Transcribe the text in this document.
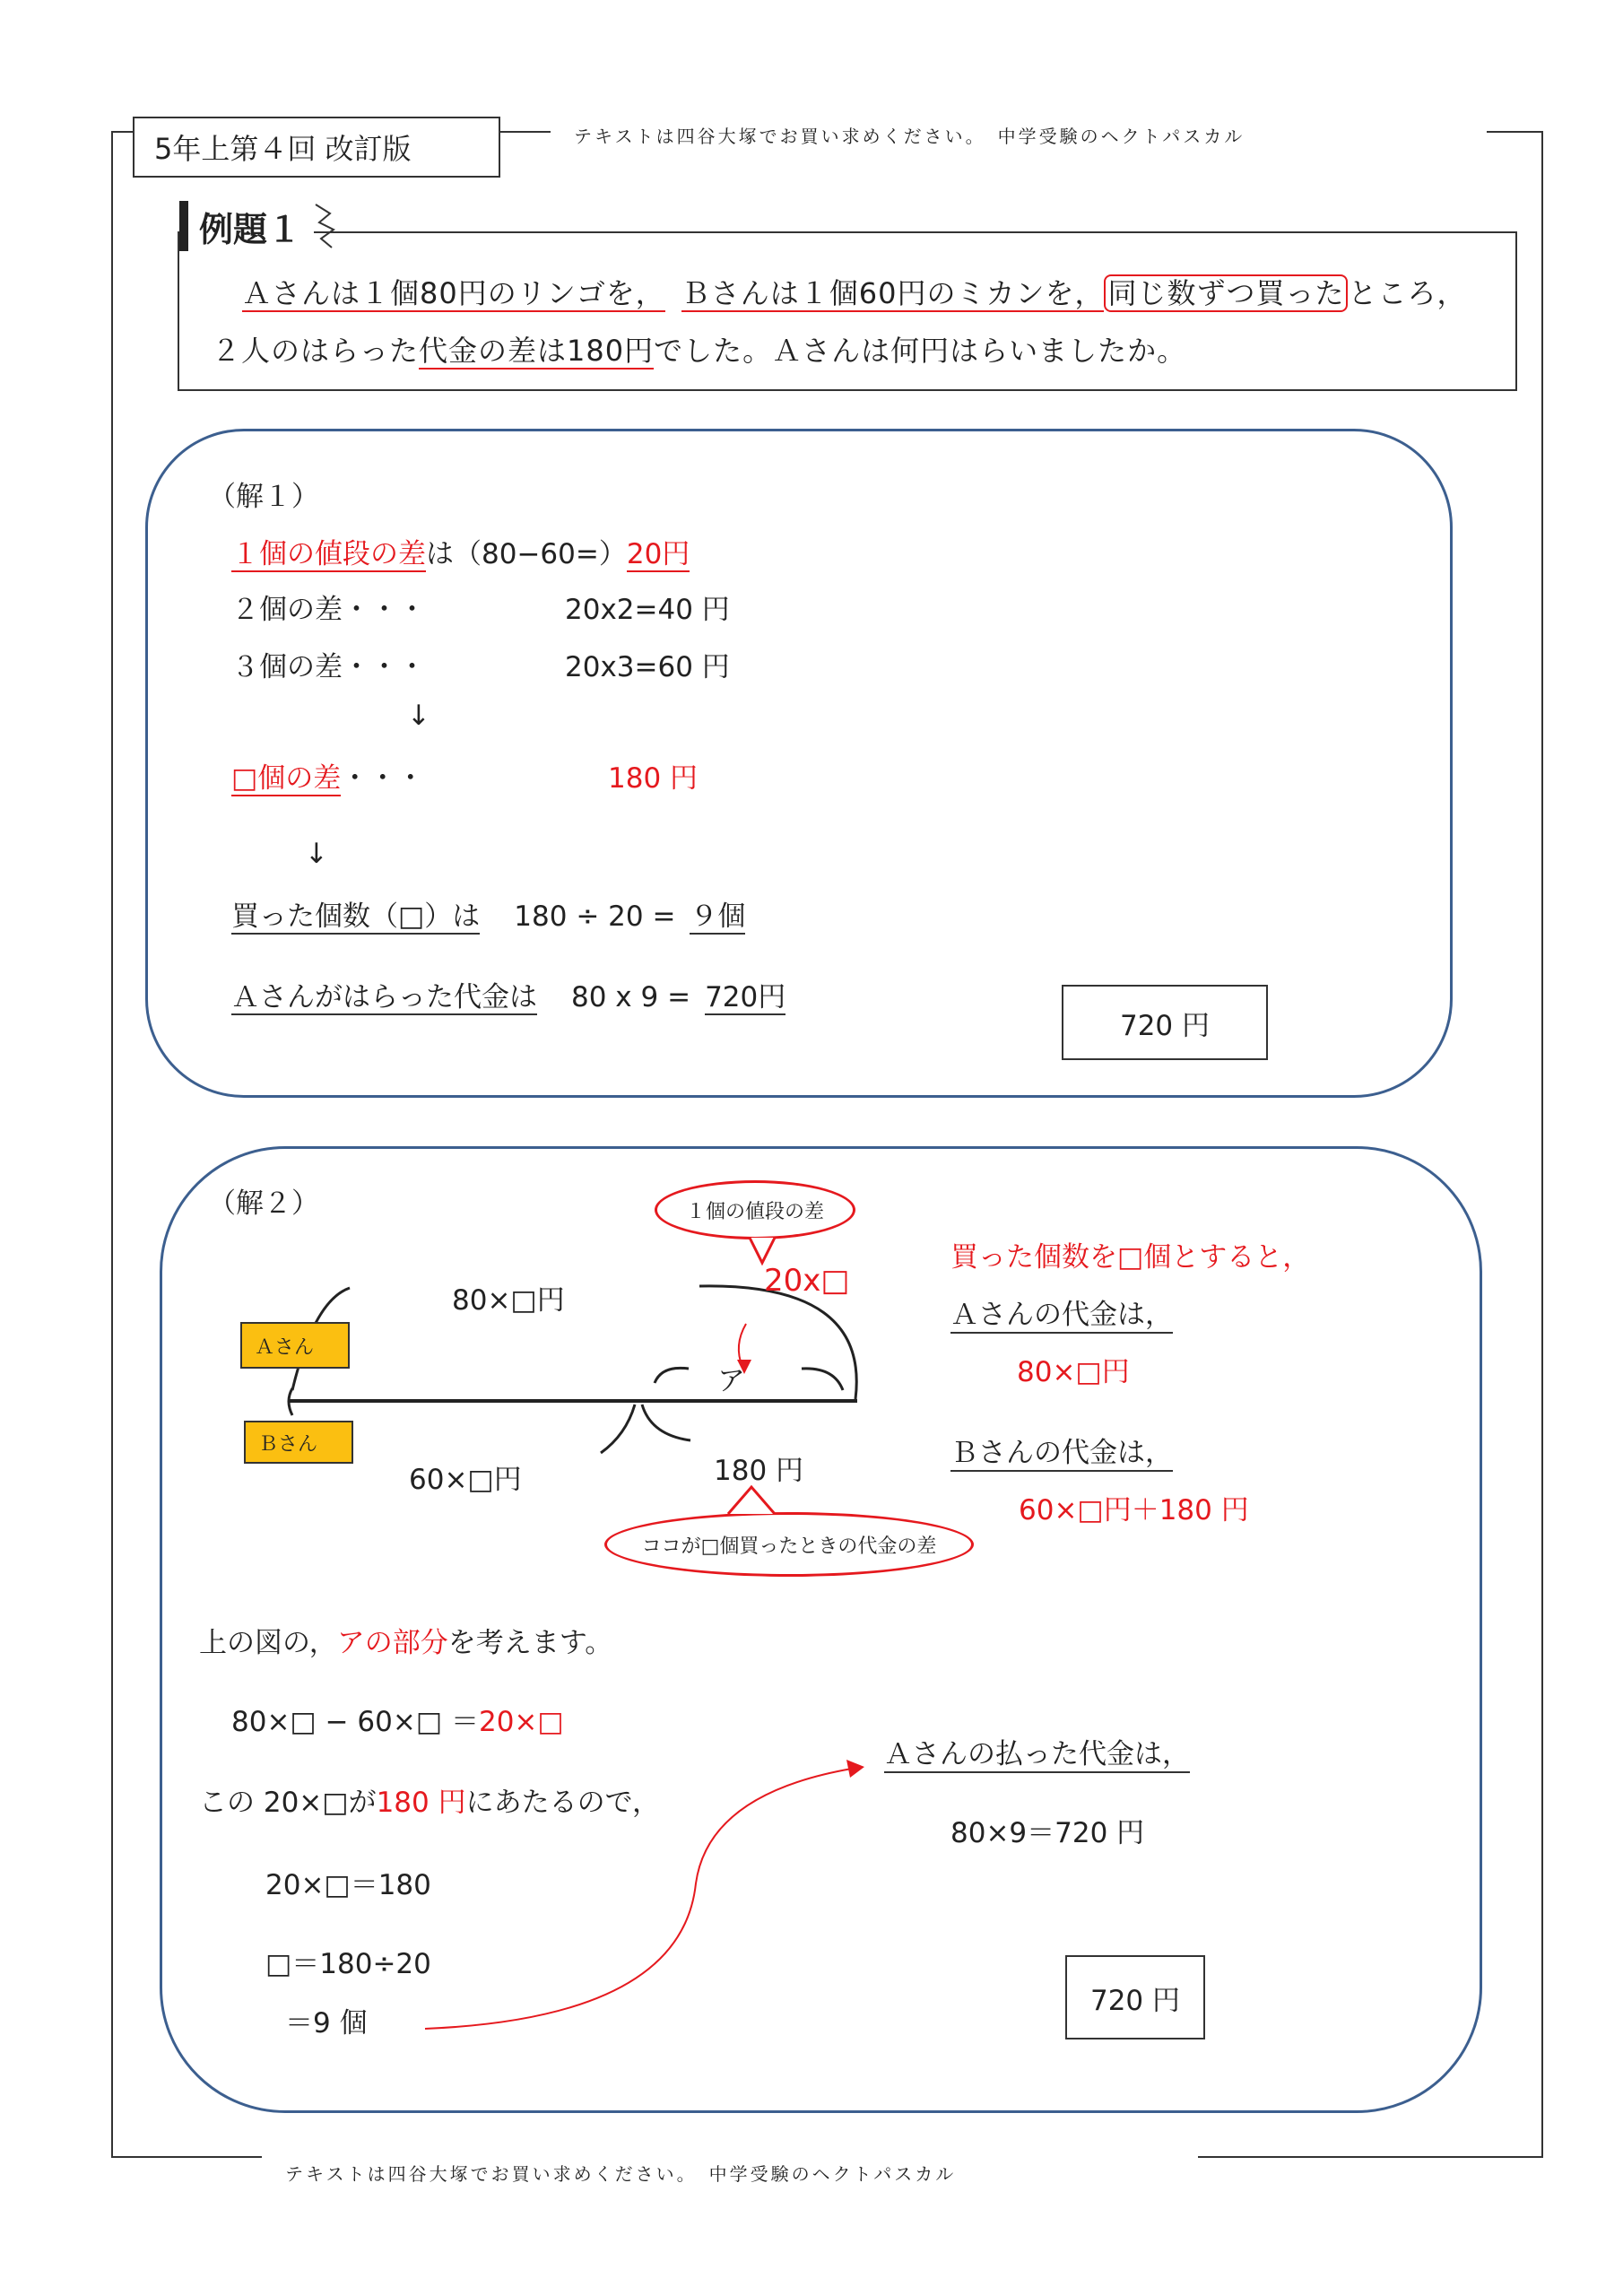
5年上第４回 改訂版	テキストは四谷大塚でお買い求めください。　中学受験のヘクトパスカル
例題１
Ａさんは１個80円のリンゴを， Ｂさんは１個60円のミカンを， 同じ数ずつ買った ところ，
２人のはらった代金の差は180円でした。Ａさんは何円はらいましたか。
（解１）
１個の値段の差は（80−60=）20円
２個の差・・・	20x2=40 円
３個の差・・・	20x3=60 円
↓
□個の差・・・	180 円
↓
買った個数（□）は 180 ÷ 20 = ９個
Ａさんがはらった代金は 80 x 9 = 720円
720 円
（解２）
Ａさん
Ｂさん
80×□円
60×□円	180 円
ア
１個の値段の差
20x□
ココが□個買ったときの代金の差
買った個数を□個とすると，
Ａさんの代金は，
80×□円
Ｂさんの代金は，
60×□円＋180 円
上の図の，アの部分を考えます。
80×□ − 60×□ ＝20×□
この 20×□が180 円にあたるので，
20×□＝180
□＝180÷20
＝9 個
Ａさんの払った代金は，
80×9＝720 円
720 円
テキストは四谷大塚でお買い求めください。　中学受験のヘクトパスカル
